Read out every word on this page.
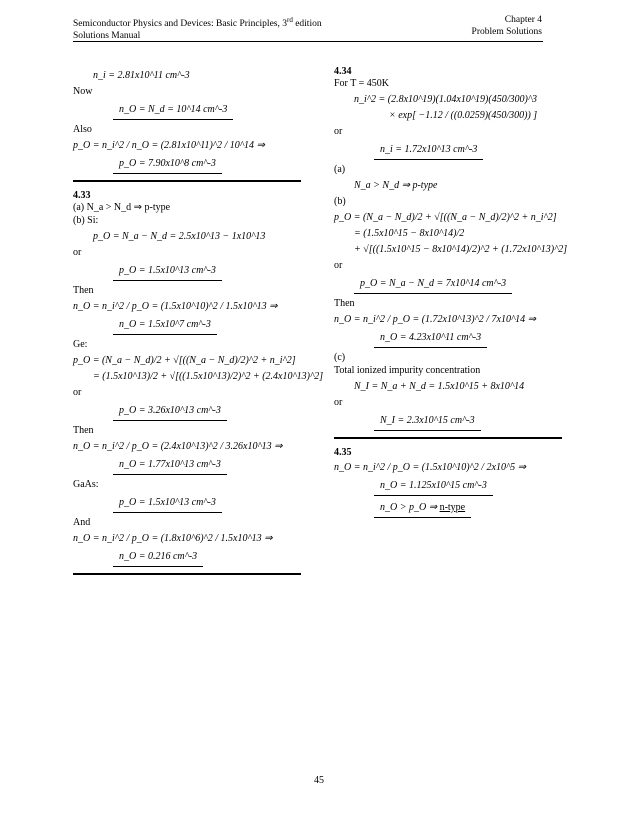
Semiconductor Physics and Devices: Basic Principles, 3rd edition
Solutions Manual
Chapter 4
Problem Solutions
n_i = 2.81x10^11 cm^-3
Now
n_O = N_d = 10^14 cm^-3
Also
p_O = n_i^2 / n_O = (2.81x10^11)^2 / 10^14 ⇒
p_O = 7.90x10^8 cm^-3
4.33
(a) N_a > N_d ⇒ p-type
(b) Si:
p_O = N_a − N_d = 2.5x10^13 − 1x10^13
or
p_O = 1.5x10^13 cm^-3
Then
n_O = n_i^2 / p_O = (1.5x10^10)^2 / 1.5x10^13 ⇒
n_O = 1.5x10^7 cm^-3
Ge:
p_O = (N_a − N_d)/2 + √[((N_a − N_d)/2)^2 + n_i^2]
= (1.5x10^13)/2 + √[((1.5x10^13)/2)^2 + (2.4x10^13)^2]
or
p_O = 3.26x10^13 cm^-3
Then
n_O = n_i^2 / p_O = (2.4x10^13)^2 / 3.26x10^13 ⇒
n_O = 1.77x10^13 cm^-3
GaAs:
p_O = 1.5x10^13 cm^-3
And
n_O = n_i^2 / p_O = (1.8x10^6)^2 / 1.5x10^13 ⇒
n_O = 0.216 cm^-3
4.34
For T = 450K
n_i^2 = (2.8x10^19)(1.04x10^19)(450/300)^3
× exp[ −1.12 / ((0.0259)(450/300)) ]
or
n_i = 1.72x10^13 cm^-3
(a)
N_a > N_d ⇒ p-type
(b)
p_O = (N_a − N_d)/2 + √[((N_a − N_d)/2)^2 + n_i^2]
= (1.5x10^15 − 8x10^14)/2
+ √[((1.5x10^15 − 8x10^14)/2)^2 + (1.72x10^13)^2]
or
p_O = N_a − N_d = 7x10^14 cm^-3
Then
n_O = n_i^2 / p_O = (1.72x10^13)^2 / 7x10^14 ⇒
n_O = 4.23x10^11 cm^-3
(c)
Total ionized impurity concentration
N_I = N_a + N_d = 1.5x10^15 + 8x10^14
or
N_I = 2.3x10^15 cm^-3
4.35
n_O = n_i^2 / p_O = (1.5x10^10)^2 / 2x10^5 ⇒
n_O = 1.125x10^15 cm^-3
n_O > p_O ⇒ n-type
45
